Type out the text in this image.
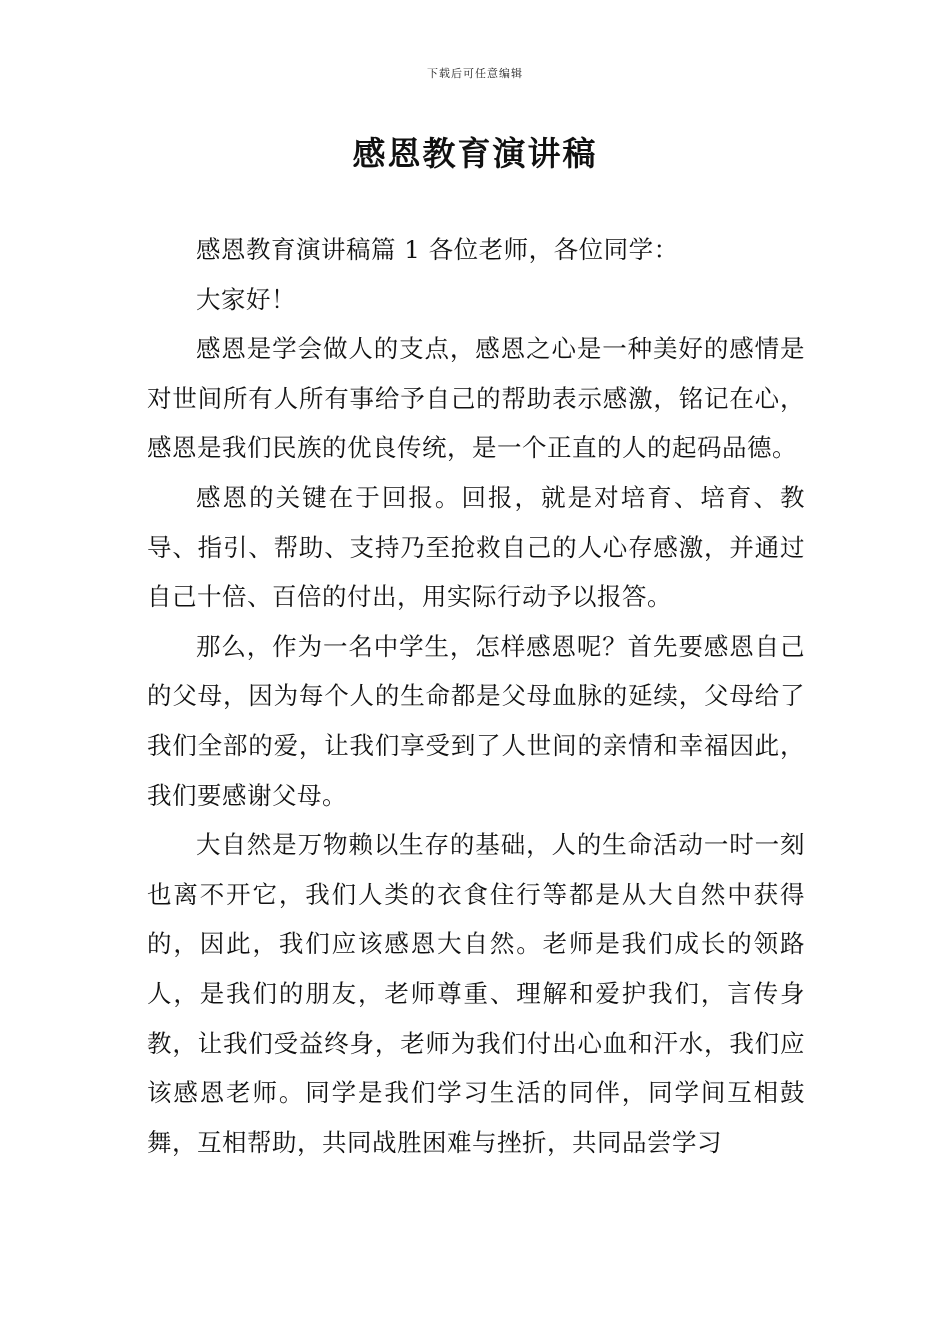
下载后可任意编辑
感恩教育演讲稿

感恩教育演讲稿篇 1 各位老师，各位同学：

大家好！

感恩是学会做人的支点，感恩之心是一种美好的感情是对世间所有人所有事给予自己的帮助表示感激，铭记在心，感恩是我们民族的优良传统，是一个正直的人的起码品德。

感恩的关键在于回报。回报，就是对培育、培育、教导、指引、帮助、支持乃至抢救自己的人心存感激，并通过自己十倍、百倍的付出，用实际行动予以报答。

那么，作为一名中学生，怎样感恩呢？首先要感恩自己的父母，因为每个人的生命都是父母血脉的延续，父母给了我们全部的爱，让我们享受到了人世间的亲情和幸福因此，我们要感谢父母。

大自然是万物赖以生存的基础，人的生命活动一时一刻也离不开它，我们人类的衣食住行等都是从大自然中获得的，因此，我们应该感恩大自然。老师是我们成长的领路人，是我们的朋友，老师尊重、理解和爱护我们，言传身教，让我们受益终身，老师为我们付出心血和汗水，我们应该感恩老师。同学是我们学习生活的同伴，同学间互相鼓舞，互相帮助，共同战胜困难与挫折，共同品尝学习
